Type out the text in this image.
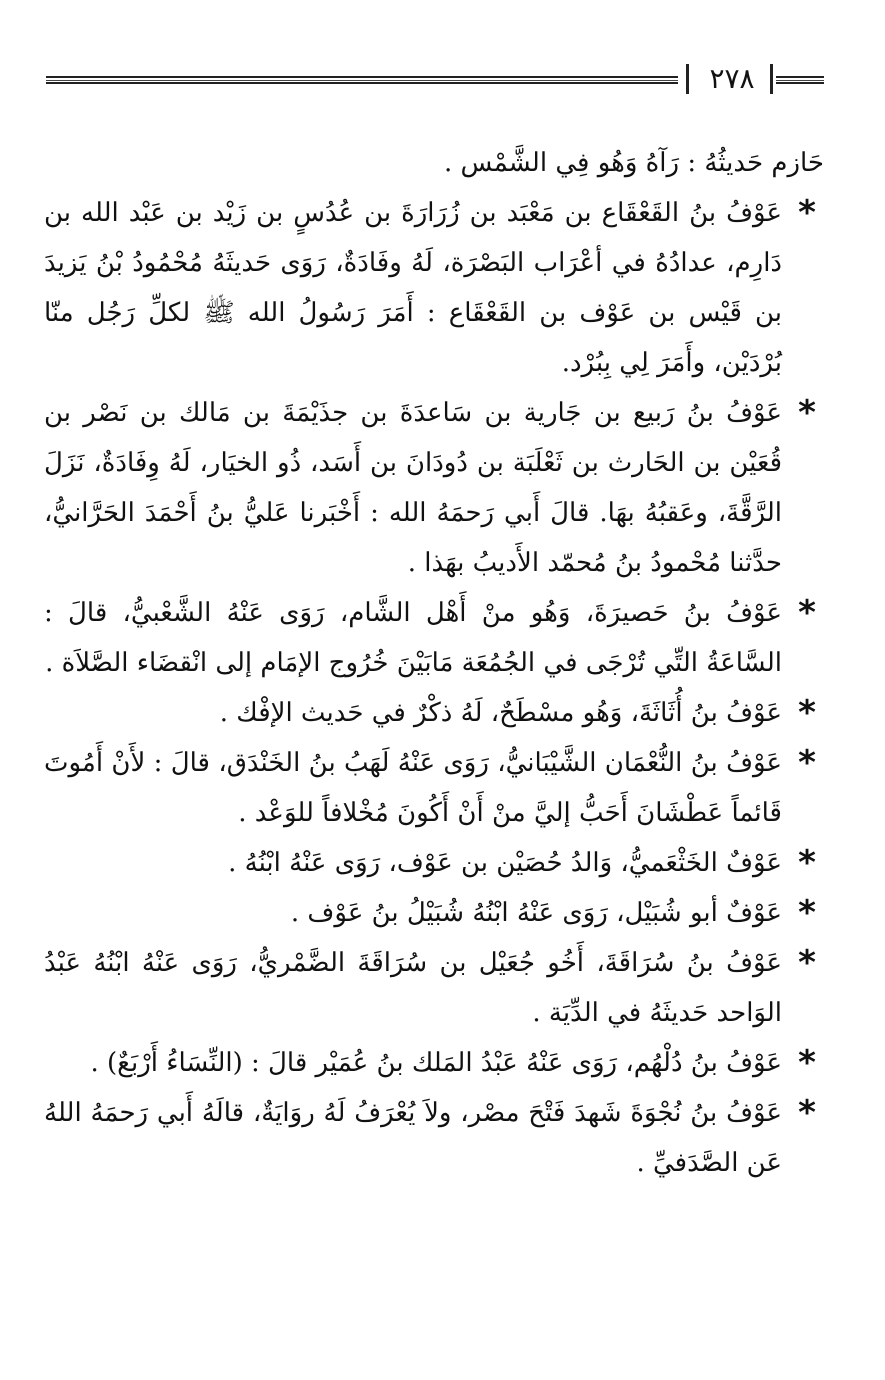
٢٧٨

حَازم حَديثُهُ : رَآهُ وَهُو فِي الشَّمْس .

*
عَوْفُ بنُ القَعْقَاع بن مَعْبَد بن زُرَارَةَ بن عُدُسٍ بن زَيْد بن عَبْد الله بن دَارِم، عدادُهُ في أعْرَاب البَصْرَة، لَهُ وفَادَةٌ، رَوَى حَديثَهُ مُحْمُودُ بْنُ يَزيدَ بن قَيْس بن عَوْف بن القَعْقَاع : أَمَرَ رَسُولُ الله ﷺ لكلِّ رَجُل منّا بُرْدَيْن، وأَمَرَ لِي بِبُرْد.
*
عَوْفُ بنُ رَبيع بن جَارية بن سَاعدَةَ بن جذَيْمَةَ بن مَالك بن نَصْر بن قُعَيْن بن الحَارث بن ثَعْلَبَة بن دُودَانَ بن أَسَد، ذُو الخيَار، لَهُ وِفَادَةٌ، نَزَلَ الرَّقَّةَ، وعَقبُهُ بهَا. قالَ أَبي رَحمَهُ الله : أَخْبَرنا عَليُّ بنُ أَحْمَدَ الحَرَّانيُّ، حدَّثنا مُحْمودُ بنُ مُحمّد الأَديبُ بهَذا .
*
عَوْفُ بنُ حَصيرَةَ، وَهُو منْ أَهْل الشَّام، رَوَى عَنْهُ الشَّعْبيُّ، قالَ : السَّاعَةُ التِّي تُرْجَى في الجُمُعَة مَابَيْنَ خُرُوج الإمَام إلى انْقضَاء الصَّلاَة .
*
عَوْفُ بنُ أُثَاثَةَ، وَهُو مسْطَحٌ، لَهُ ذكْرٌ في حَديث الإفْك .
*
عَوْفُ بنُ النُّعْمَان الشَّيْبَانيُّ، رَوَى عَنْهُ لَهَبُ بنُ الخَنْدَق، قالَ : لأَنْ أَمُوتَ قَائماً عَطْشَانَ أَحَبُّ إليَّ منْ أَنْ أَكُونَ مُخْلافاً للوَعْد .
*
عَوْفٌ الخَثْعَميُّ، وَالدُ حُصَيْن بن عَوْف، رَوَى عَنْهُ ابْنُهُ .
*
عَوْفٌ أبو شُبَيْل، رَوَى عَنْهُ ابْنُهُ شُبَيْلُ بنُ عَوْف .
*
عَوْفُ بنُ سُرَاقَةَ، أَخُو جُعَيْل بن سُرَاقَةَ الضَّمْريُّ، رَوَى عَنْهُ ابْنُهُ عَبْدُ الوَاحد حَديثَهُ في الدِّيَة .
*
عَوْفُ بنُ دُلْهُم، رَوَى عَنْهُ عَبْدُ المَلك بنُ عُمَيْر قالَ : (النِّسَاءُ أَرْبَعٌ) .
*
عَوْفُ بنُ نُجْوَةَ شَهدَ فَتْحَ مصْر، ولاَ يُعْرَفُ لَهُ روَايَةٌ، قالَهُ أَبي رَحمَهُ اللهُ عَن الصَّدَفيِّ .
